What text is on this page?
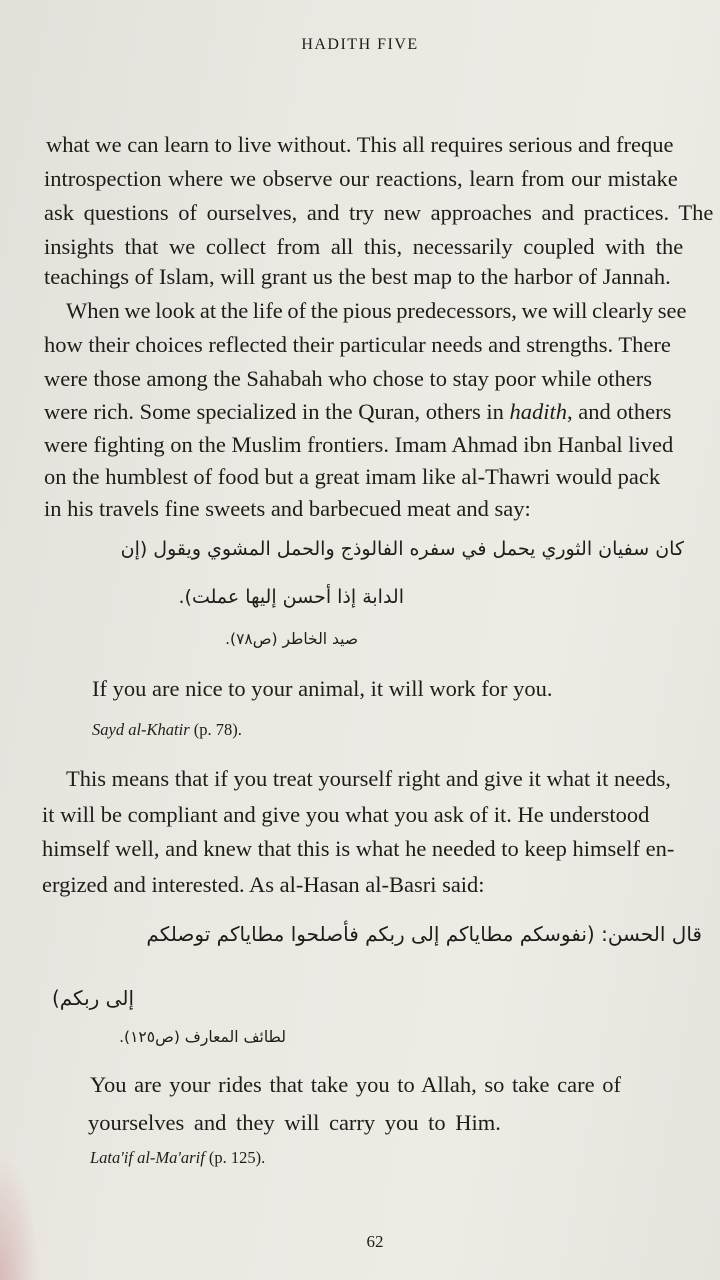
HADITH FIVE
what we can learn to live without. This all requires serious and freque
introspection where we observe our reactions, learn from our mistake
ask questions of ourselves, and try new approaches and practices. The
insights that we collect from all this, necessarily coupled with the
teachings of Islam, will grant us the best map to the harbor of Jannah.
When we look at the life of the pious predecessors, we will clearly see
how their choices reflected their particular needs and strengths. There
were those among the Sahabah who chose to stay poor while others
were rich. Some specialized in the Quran, others in hadith, and others
were fighting on the Muslim frontiers. Imam Ahmad ibn Hanbal lived
on the humblest of food but a great imam like al-Thawri would pack
in his travels fine sweets and barbecued meat and say:
كان سفيان الثوري يحمل في سفره الفالوذج والحمل المشوي ويقول (إن
الدابة إذا أحسن إليها عملت).
صيد الخاطر (ص٧٨).
If you are nice to your animal, it will work for you.
Sayd al-Khatir (p. 78).
This means that if you treat yourself right and give it what it needs,
it will be compliant and give you what you ask of it. He understood
himself well, and knew that this is what he needed to keep himself en-
ergized and interested. As al-Hasan al-Basri said:
قال الحسن: (نفوسكم مطاياكم إلى ربكم فأصلحوا مطاياكم توصلكم
إلى ربكم)
لطائف المعارف (ص١٢٥).
You are your rides that take you to Allah, so take care of
yourselves and they will carry you to Him.
Lata'if al-Ma'arif (p. 125).
62
